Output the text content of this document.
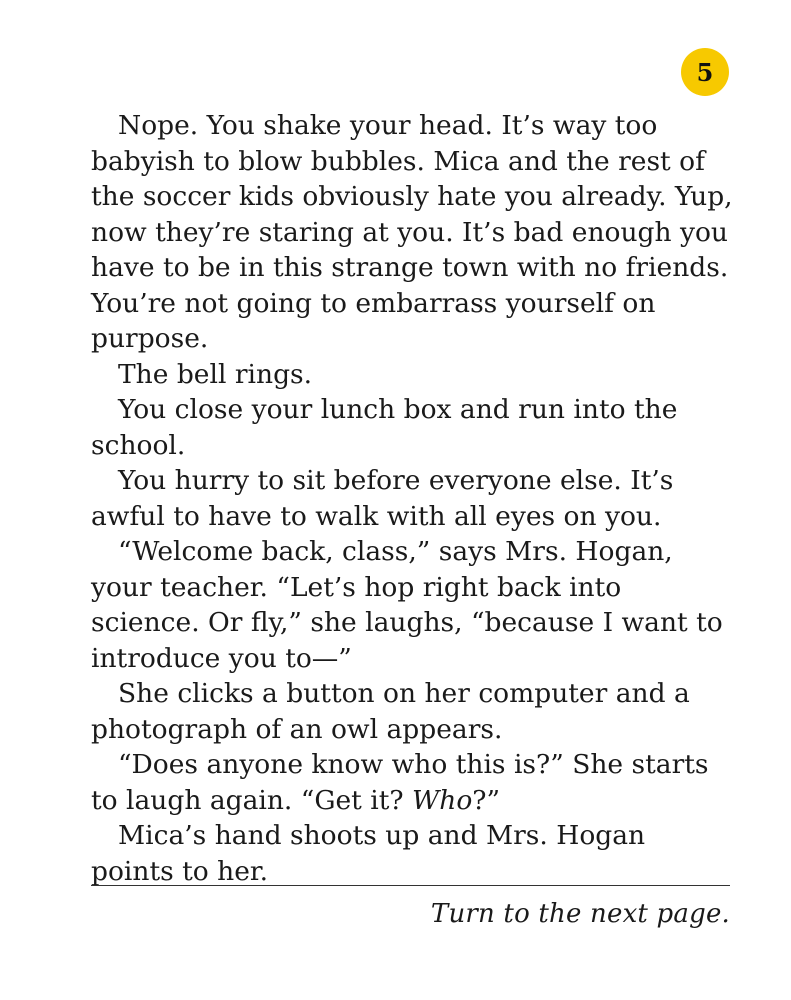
5

Nope. You shake your head. It’s way too babyish to blow bubbles. Mica and the rest of the soccer kids obviously hate you already. Yup, now they’re staring at you. It’s bad enough you have to be in this strange town with no friends. You’re not going to embarrass yourself on purpose.

The bell rings.

You close your lunch box and run into the school.

You hurry to sit before everyone else. It’s awful to have to walk with all eyes on you.

“Welcome back, class,” says Mrs. Hogan, your teacher. “Let’s hop right back into science. Or fly,” she laughs, “because I want to introduce you to—”

She clicks a button on her computer and a photograph of an owl appears.

“Does anyone know who this is?” She starts to laugh again. “Get it? Who?”

Mica’s hand shoots up and Mrs. Hogan points to her.

Turn to the next page.
